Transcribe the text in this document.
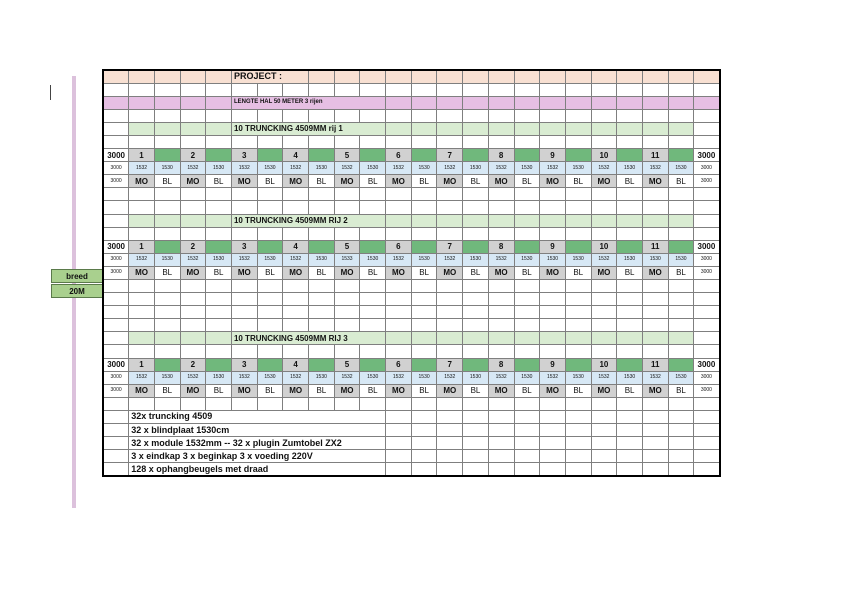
breed
20M
					PROJECT :																		

					LENGTE HAL 50 METER 3 rijen																		

					10 TRUNCKING 4509MM rij 1																		

3000	1		2		3		4		5		6		7		8		9		10		11		3000
3000	1532	1530	1532	1530	1532	1530	1532	1530	1532	1530	1532	1530	1532	1530	1532	1530	1532	1530	1532	1530	1532	1530	3000
3000	MO	BL	MO	BL	MO	BL	MO	BL	MO	BL	MO	BL	MO	BL	MO	BL	MO	BL	MO	BL	MO	BL	3000

					10 TRUNCKING 4509MM RIJ 2																		

3000	1		2		3		4		5		6		7		8		9		10		11		3000
3000	1532	1530	1532	1530	1532	1530	1532	1530	1533	1530	1532	1530	1532	1530	1532	1530	1530	1530	1532	1530	1530	1530	3000
3000	MO	BL	MO	BL	MO	BL	MO	BL	MO	BL	MO	BL	MO	BL	MO	BL	MO	BL	MO	BL	MO	BL	3000

					10 TRUNCKING 4509MM RIJ 3																		

3000	1		2		3		4		5		6		7		8		9		10		11		3000
3000	1532	1530	1532	1530	1532	1530	1532	1530	1532	1530	1532	1530	1532	1530	1532	1530	1532	1530	1532	1530	1532	1530	3000
3000	MO	BL	MO	BL	MO	BL	MO	BL	MO	BL	MO	BL	MO	BL	MO	BL	MO	BL	MO	BL	MO	BL	3000

	32x truncking 4509																						
	32 x blindplaat 1530cm																						
	32 x module 1532mm -- 32 x plugin Zumtobel ZX2																						
	3 x eindkap 3 x beginkap 3 x voeding 220V																						
	128 x ophangbeugels met draad																						
